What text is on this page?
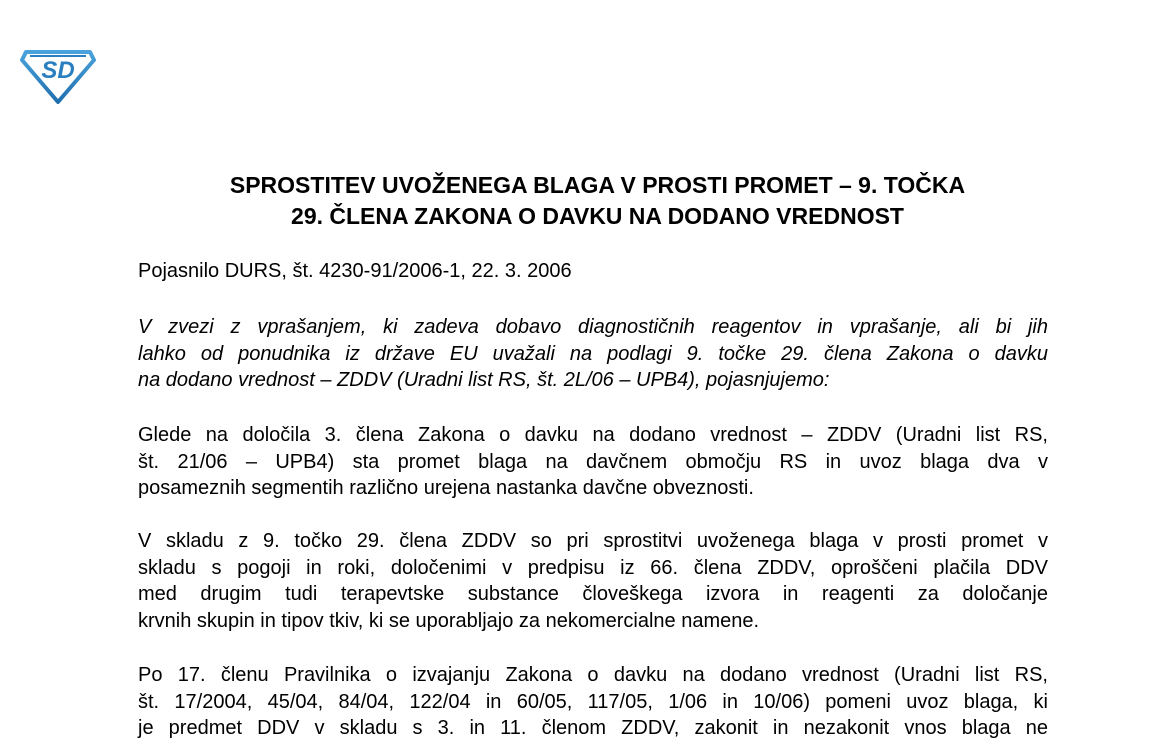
SD
SPROSTITEV UVOŽENEGA BLAGA V PROSTI PROMET – 9. TOČKA
29. ČLENA ZAKONA O DAVKU NA DODANO VREDNOST

Pojasnilo DURS, št. 4230-91/2006-1, 22. 3. 2006

V zvezi z vprašanjem, ki zadeva dobavo diagnostičnih reagentov in vprašanje, ali bi jih
lahko od ponudnika iz države EU uvažali na podlagi 9. točke 29. člena Zakona o davku
na dodano vrednost – ZDDV (Uradni list RS, št. 2L/06 – UPB4), pojasnjujemo:

Glede na določila 3. člena Zakona o davku na dodano vrednost – ZDDV (Uradni list RS,
št. 21/06 – UPB4) sta promet blaga na davčnem območju RS in uvoz blaga dva v
posameznih segmentih različno urejena nastanka davčne obveznosti.

V skladu z 9. točko 29. člena ZDDV so pri sprostitvi uvoženega blaga v prosti promet v
skladu s pogoji in roki, določenimi v predpisu iz 66. člena ZDDV, oproščeni plačila DDV
med drugim tudi terapevtske substance človeškega izvora in reagenti za določanje
krvnih skupin in tipov tkiv, ki se uporabljajo za nekomercialne namene.

Po 17. členu Pravilnika o izvajanju Zakona o davku na dodano vrednost (Uradni list RS,
št. 17/2004, 45/04, 84/04, 122/04 in 60/05, 117/05, 1/06 in 10/06) pomeni uvoz blaga, ki
je predmet DDV v skladu s 3. in 11. členom ZDDV, zakonit in nezakonit vnos blaga ne
